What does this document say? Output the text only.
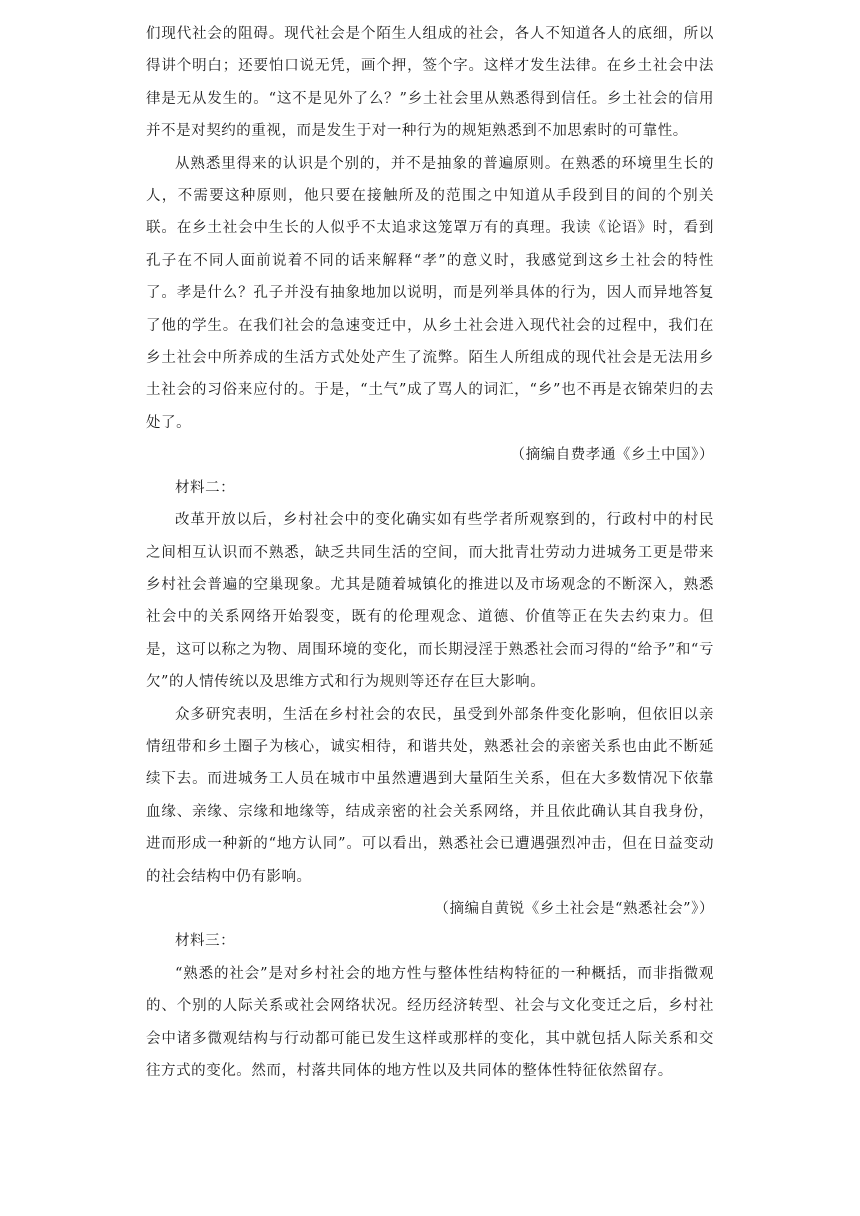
们现代社会的阻碍。现代社会是个陌生人组成的社会，各人不知道各人的底细，所以得讲个明白；还要怕口说无凭，画个押，签个字。这样才发生法律。在乡土社会中法律是无从发生的。“这不是见外了么？”乡土社会里从熟悉得到信任。乡土社会的信用并不是对契约的重视，而是发生于对一种行为的规矩熟悉到不加思索时的可靠性。

从熟悉里得来的认识是个别的，并不是抽象的普遍原则。在熟悉的环境里生长的人，不需要这种原则，他只要在接触所及的范围之中知道从手段到目的间的个别关联。在乡土社会中生长的人似乎不太追求这笼罩万有的真理。我读《论语》时，看到孔子在不同人面前说着不同的话来解释“孝”的意义时，我感觉到这乡土社会的特性了。孝是什么？孔子并没有抽象地加以说明，而是列举具体的行为，因人而异地答复了他的学生。在我们社会的急速变迁中，从乡土社会进入现代社会的过程中，我们在乡土社会中所养成的生活方式处处产生了流弊。陌生人所组成的现代社会是无法用乡土社会的习俗来应付的。于是，“土气”成了骂人的词汇，“乡”也不再是衣锦荣归的去处了。

（摘编自费孝通《乡土中国》）

材料二：

改革开放以后，乡村社会中的变化确实如有些学者所观察到的，行政村中的村民之间相互认识而不熟悉，缺乏共同生活的空间，而大批青壮劳动力进城务工更是带来乡村社会普遍的空巢现象。尤其是随着城镇化的推进以及市场观念的不断深入，熟悉社会中的关系网络开始裂变，既有的伦理观念、道德、价值等正在失去约束力。但是，这可以称之为物、周围环境的变化，而长期浸淫于熟悉社会而习得的“给予”和“亏欠”的人情传统以及思维方式和行为规则等还存在巨大影响。

众多研究表明，生活在乡村社会的农民，虽受到外部条件变化影响，但依旧以亲情纽带和乡土圈子为核心，诚实相待，和谐共处，熟悉社会的亲密关系也由此不断延续下去。而进城务工人员在城市中虽然遭遇到大量陌生关系，但在大多数情况下依靠血缘、亲缘、宗缘和地缘等，结成亲密的社会关系网络，并且依此确认其自我身份，进而形成一种新的“地方认同”。可以看出，熟悉社会已遭遇强烈冲击，但在日益变动的社会结构中仍有影响。

（摘编自黄锐《乡土社会是“熟悉社会”》）

材料三：

“熟悉的社会”是对乡村社会的地方性与整体性结构特征的一种概括，而非指微观的、个别的人际关系或社会网络状况。经历经济转型、社会与文化变迁之后，乡村社会中诸多微观结构与行动都可能已发生这样或那样的变化，其中就包括人际关系和交往方式的变化。然而，村落共同体的地方性以及共同体的整体性特征依然留存。
